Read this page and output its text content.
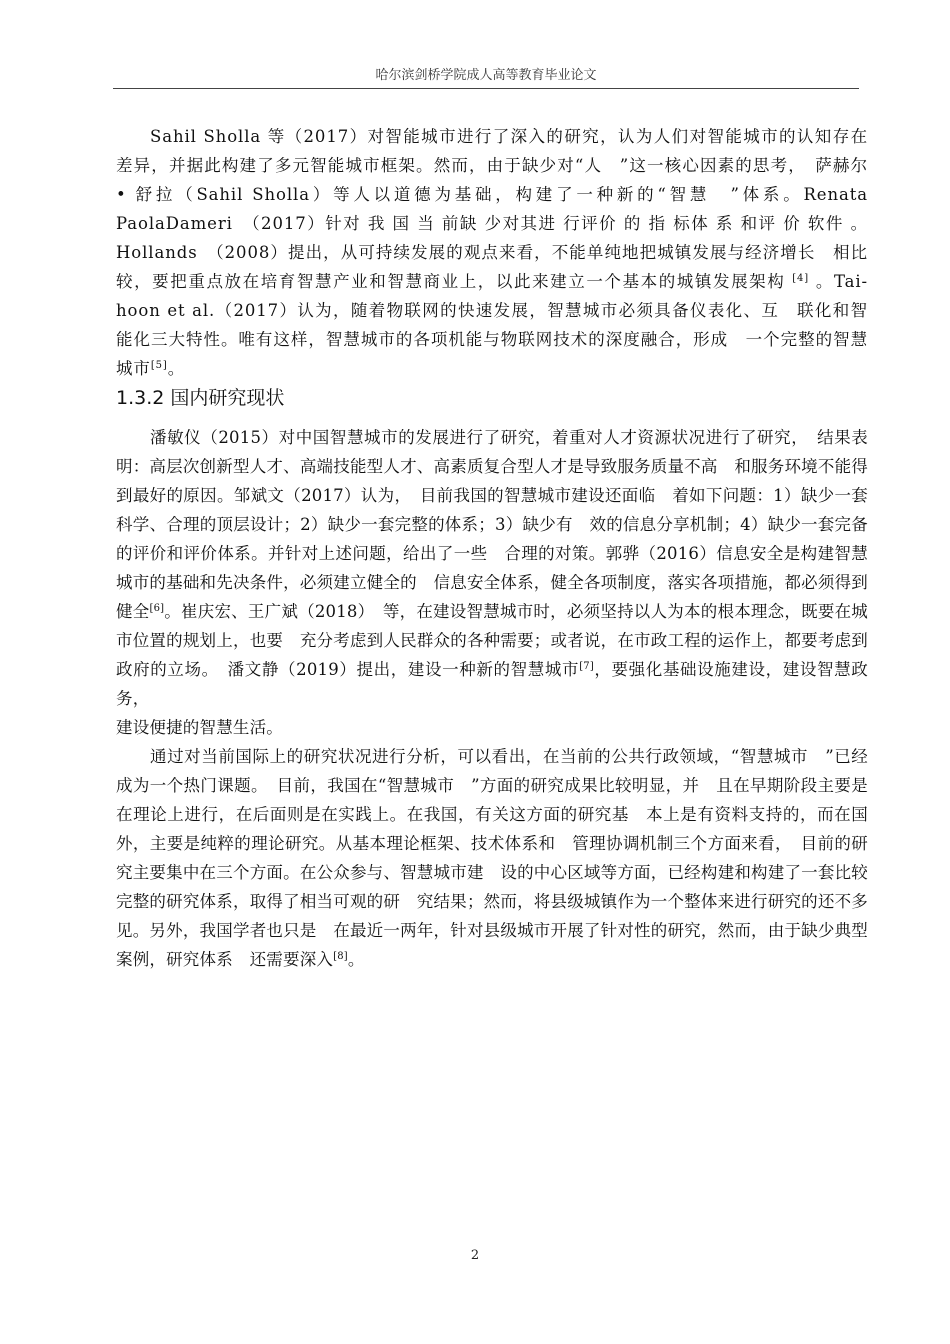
哈尔滨剑桥学院成人高等教育毕业论文

Sahil Sholla 等（2017）对智能城市进行了深入的研究，认为人们对智能城市的认知存在差异，并据此构建了多元智能城市框架。然而，由于缺少对“人　”这一核心因素的思考，　萨赫尔　• 舒拉（Sahil Sholla）等人以道德为基础，构建了一种新的“智慧　”体系。Renata PaolaDameri　（2017）针对 我 国 当 前缺 少对其进 行评价 的 指 标体 系 和评 价 软件 。 Hollands　（2008）提出，从可持续发展的观点来看，不能单纯地把城镇发展与经济增长　相比较，要把重点放在培育智慧产业和智慧商业上，以此来建立一个基本的城镇发展架构 [4] 。Tai-hoon et al.（2017）认为，随着物联网的快速发展，智慧城市必须具备仪表化、互　联化和智能化三大特性。唯有这样，智慧城市的各项机能与物联网技术的深度融合，形成　一个完整的智慧城市[5]。

1.3.2 国内研究现状

潘敏仪（2015）对中国智慧城市的发展进行了研究，着重对人才资源状况进行了研究，　结果表明：高层次创新型人才、高端技能型人才、高素质复合型人才是导致服务质量不高　和服务环境不能得到最好的原因。邹斌文（2017）认为，　目前我国的智慧城市建设还面临　着如下问题：1）缺少一套科学、合理的顶层设计；2）缺少一套完整的体系；3）缺少有　效的信息分享机制；4）缺少一套完备的评价和评价体系。并针对上述问题，给出了一些　合理的对策。郭骅（2016）信息安全是构建智慧城市的基础和先决条件，必须建立健全的　信息安全体系，健全各项制度，落实各项措施，都必须得到健全[6]。崔庆宏、王广斌（2018）　等，在建设智慧城市时，必须坚持以人为本的根本理念，既要在城市位置的规划上，也要　充分考虑到人民群众的各种需要；或者说，在市政工程的运作上，都要考虑到政府的立场。　潘文静（2019）提出，建设一种新的智慧城市[7]，要强化基础设施建设，建设智慧政务，

建设便捷的智慧生活。

通过对当前国际上的研究状况进行分析，可以看出，在当前的公共行政领域，“智慧城市　”已经成为一个热门课题。　目前，我国在“智慧城市　”方面的研究成果比较明显，并　且在早期阶段主要是在理论上进行，在后面则是在实践上。在我国，有关这方面的研究基　本上是有资料支持的，而在国外，主要是纯粹的理论研究。从基本理论框架、技术体系和　管理协调机制三个方面来看，　目前的研究主要集中在三个方面。在公众参与、智慧城市建　设的中心区域等方面，已经构建和构建了一套比较完整的研究体系，取得了相当可观的研　究结果；然而，将县级城镇作为一个整体来进行研究的还不多见。另外，我国学者也只是　在最近一两年，针对县级城市开展了针对性的研究，然而，由于缺少典型案例，研究体系　还需要深入[8]。

2
